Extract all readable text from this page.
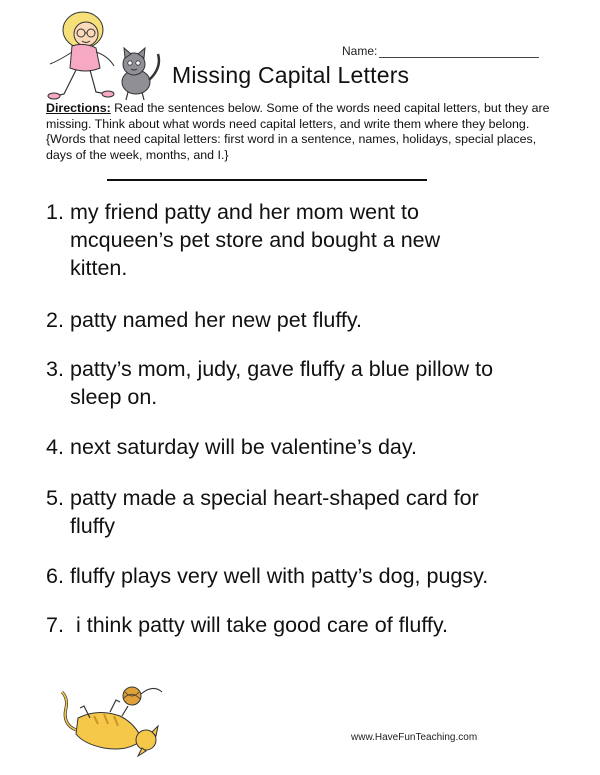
Name:
Missing Capital Letters
Directions: Read the sentences below. Some of the words need capital letters, but they are missing. Think about what words need capital letters, and write them where they belong. {Words that need capital letters: first word in a sentence, names, holidays, special places, days of the week, months, and I.}
1. my friend patty and her mom went to mcqueen’s pet store and bought a new kitten.
2. patty named her new pet fluffy.
3. patty’s mom, judy, gave fluffy a blue pillow to sleep on.
4. next saturday will be valentine’s day.
5. patty made a special heart-shaped card for fluffy
6. fluffy plays very well with patty’s dog, pugsy.
7. i think patty will take good care of fluffy.
www.HaveFunTeaching.com
